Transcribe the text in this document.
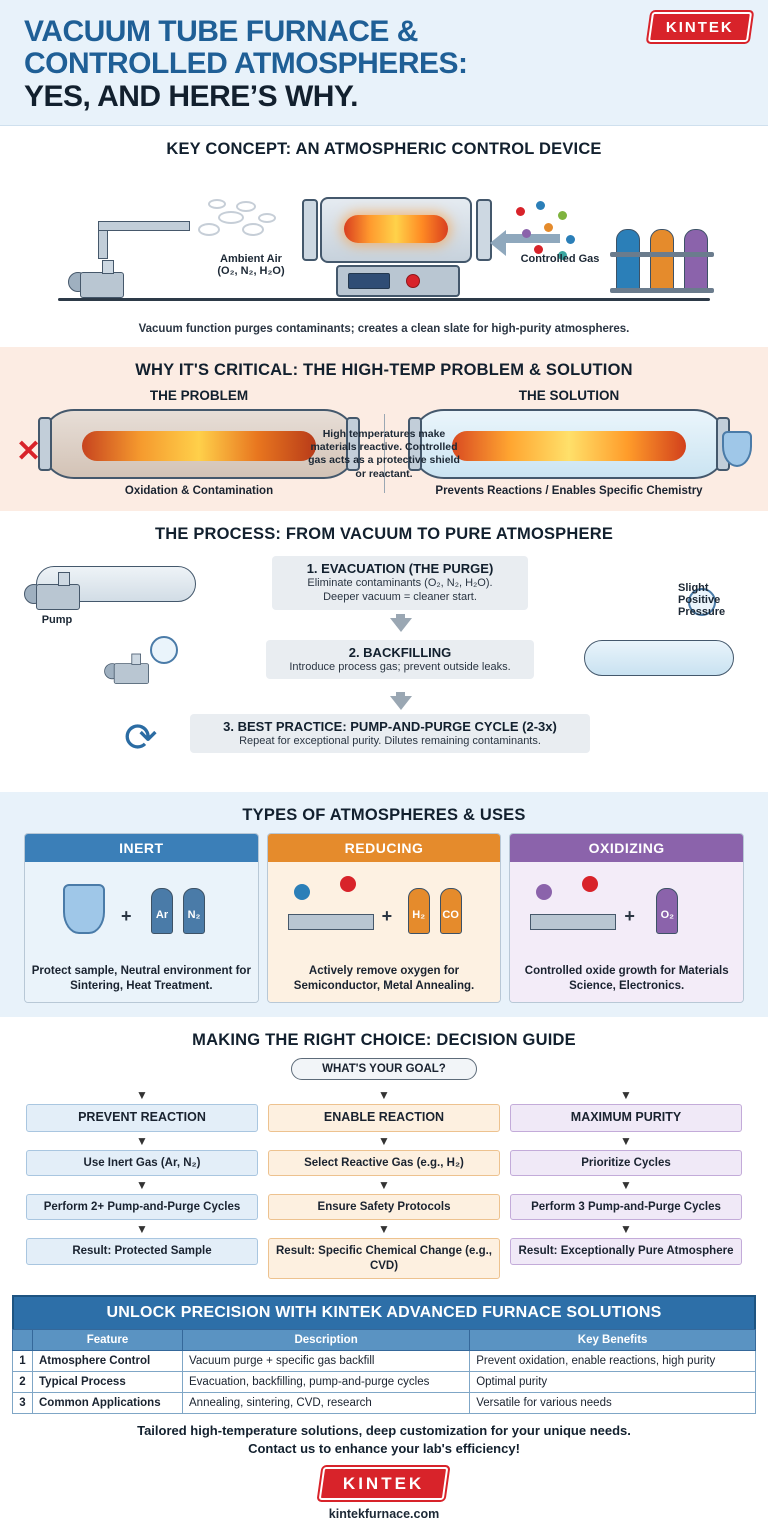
VACUUM TUBE FURNACE &
CONTROLLED ATMOSPHERES:
YES, AND HERE’S WHY.
KINTEK
KEY CONCEPT: AN ATMOSPHERIC CONTROL DEVICE
Ambient Air
(O₂, N₂, H₂O)
Controlled Gas
Vacuum function purges contaminants; creates a clean slate for high-purity atmospheres.
WHY IT'S CRITICAL: THE HIGH-TEMP PROBLEM & SOLUTION
THE PROBLEM
✕
Oxidation & Contamination
THE SOLUTION
Prevents Reactions / Enables Specific Chemistry
High temperatures make materials reactive. Controlled gas acts as a protective shield or reactant.
THE PROCESS: FROM VACUUM TO PURE ATMOSPHERE
Pump
1. EVACUATION (THE PURGE)
Eliminate contaminants (O₂, N₂, H₂O).
Deeper vacuum = cleaner start.
2. BACKFILLING
Introduce process gas; prevent outside leaks.
Slight Positive Pressure
3. BEST PRACTICE: PUMP-AND-PURGE CYCLE (2-3x)
Repeat for exceptional purity. Dilutes remaining contaminants.
⟳
TYPES OF ATMOSPHERES & USES
INERT
+	Ar	N₂
Protect sample, Neutral environment for Sintering, Heat Treatment.
REDUCING
+	H₂	CO
Actively remove oxygen for Semiconductor, Metal Annealing.
OXIDIZING
+	O₂
Controlled oxide growth for Materials Science, Electronics.
MAKING THE RIGHT CHOICE: DECISION GUIDE
WHAT'S YOUR GOAL?
▼
PREVENT REACTION
▼
Use Inert Gas (Ar, N₂)
▼
Perform 2+ Pump-and-Purge Cycles
▼
Result: Protected Sample
▼
ENABLE REACTION
▼
Select Reactive Gas (e.g., H₂)
▼
Ensure Safety Protocols
▼
Result: Specific Chemical Change (e.g., CVD)
▼
MAXIMUM PURITY
▼
Prioritize Cycles
▼
Perform 3 Pump-and-Purge Cycles
▼
Result: Exceptionally Pure Atmosphere
UNLOCK PRECISION WITH KINTEK ADVANCED FURNACE SOLUTIONS
	Feature	Description	Key Benefits
1	Atmosphere Control	Vacuum purge + specific gas backfill	Prevent oxidation, enable reactions, high purity
2	Typical Process	Evacuation, backfilling, pump-and-purge cycles	Optimal purity
3	Common Applications	Annealing, sintering, CVD, research	Versatile for various needs
Tailored high-temperature solutions, deep customization for your unique needs.
Contact us to enhance your lab's efficiency!
KINTEK
kintekfurnace.com
